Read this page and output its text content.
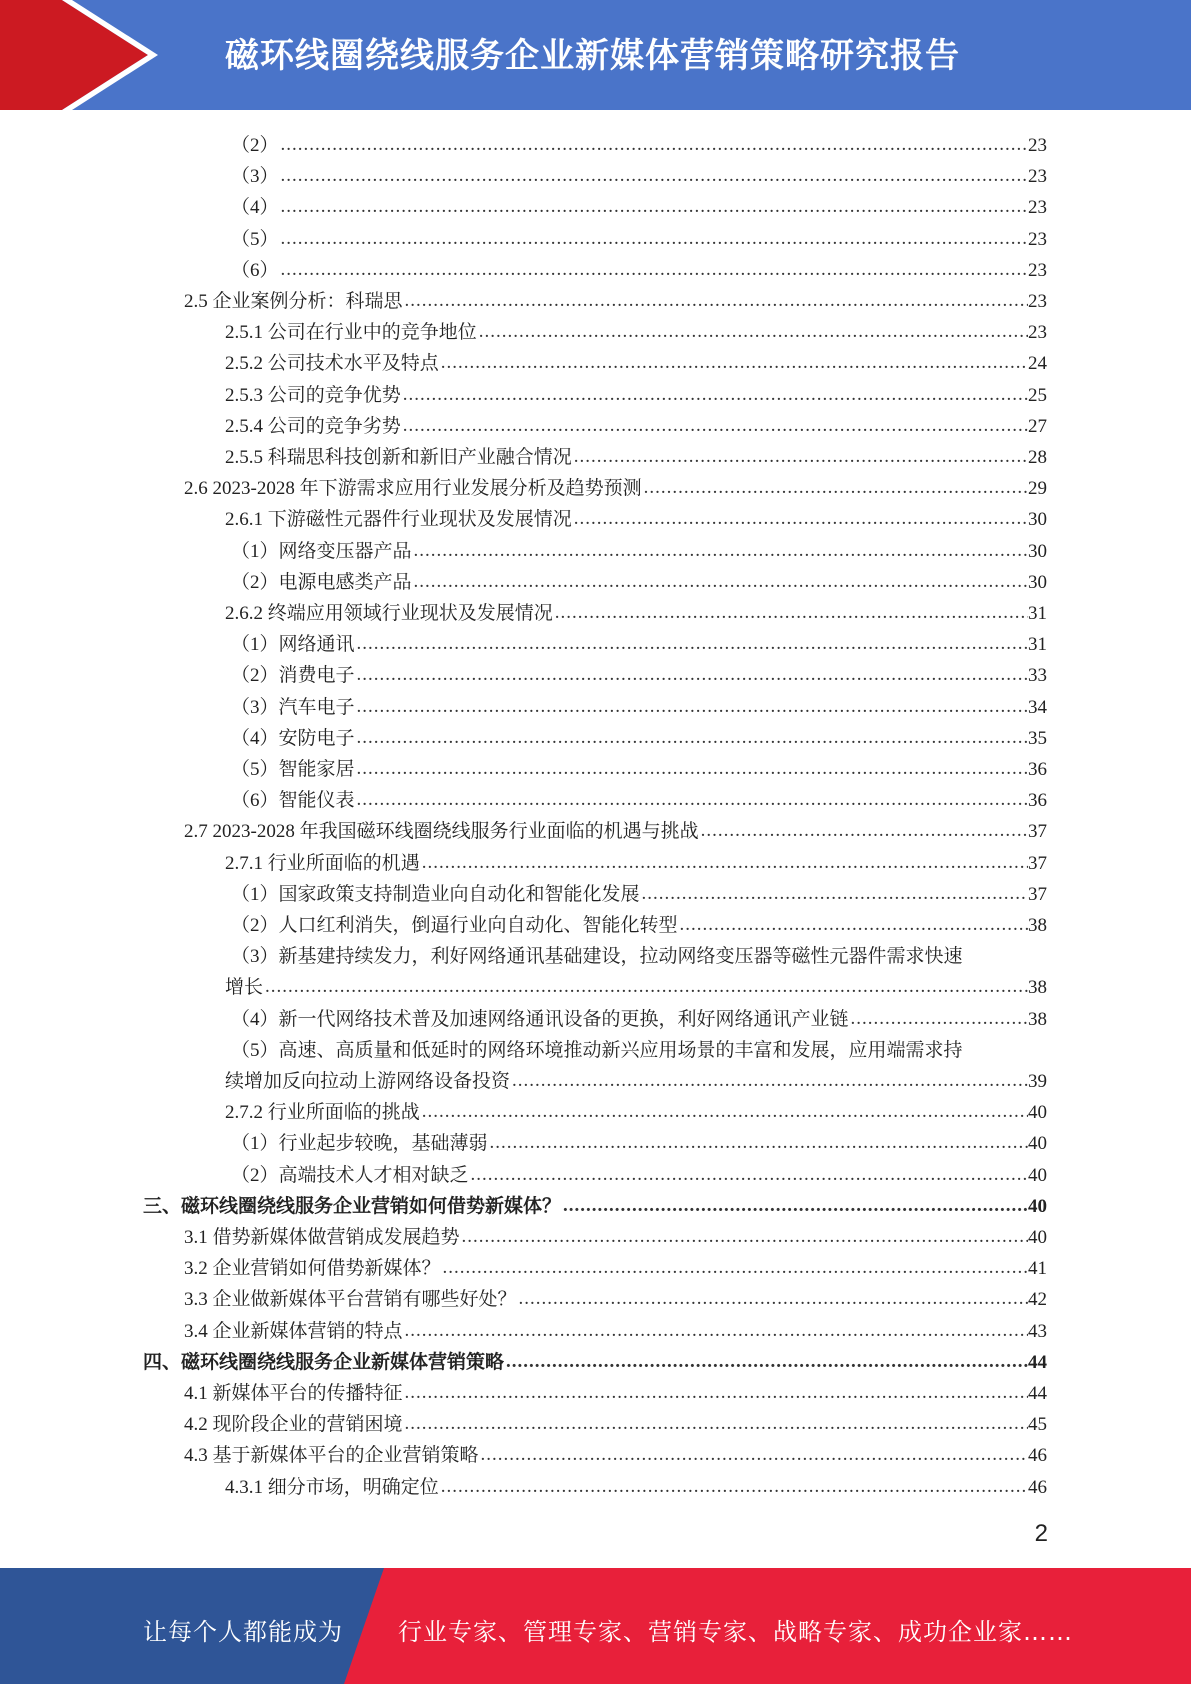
磁环线圈绕线服务企业新媒体营销策略研究报告
（2） .....	23
（3） .....	23
（4） .....	23
（5） .....	23
（6） .....	23
2.5 企业案例分析：科瑞思 .....	23
2.5.1 公司在行业中的竞争地位 .....	23
2.5.2 公司技术水平及特点 .....	24
2.5.3 公司的竞争优势 .....	25
2.5.4 公司的竞争劣势 .....	27
2.5.5 科瑞思科技创新和新旧产业融合情况 .....	28
2.6 2023-2028 年下游需求应用行业发展分析及趋势预测 .....	29
2.6.1 下游磁性元器件行业现状及发展情况 .....	30
（1）网络变压器产品 .....	30
（2）电源电感类产品 .....	30
2.6.2 终端应用领域行业现状及发展情况 .....	31
（1）网络通讯 .....	31
（2）消费电子 .....	33
（3）汽车电子 .....	34
（4）安防电子 .....	35
（5）智能家居 .....	36
（6）智能仪表 .....	36
2.7 2023-2028 年我国磁环线圈绕线服务行业面临的机遇与挑战 .....	37
2.7.1 行业所面临的机遇 .....	37
（1）国家政策支持制造业向自动化和智能化发展 .....	37
（2）人口红利消失，倒逼行业向自动化、智能化转型 .....	38
（3）新基建持续发力，利好网络通讯基础建设，拉动网络变压器等磁性元器件需求快速
增长 .....	38
（4）新一代网络技术普及加速网络通讯设备的更换，利好网络通讯产业链 .....	38
（5）高速、高质量和低延时的网络环境推动新兴应用场景的丰富和发展，应用端需求持
续增加反向拉动上游网络设备投资 .....	39
2.7.2 行业所面临的挑战 .....	40
（1）行业起步较晚，基础薄弱 .....	40
（2）高端技术人才相对缺乏 .....	40
三、磁环线圈绕线服务企业营销如何借势新媒体？ .....	40
3.1 借势新媒体做营销成发展趋势 .....	40
3.2 企业营销如何借势新媒体？ .....	41
3.3 企业做新媒体平台营销有哪些好处？ .....	42
3.4 企业新媒体营销的特点 .....	43
四、磁环线圈绕线服务企业新媒体营销策略 .....	44
4.1 新媒体平台的传播特征 .....	44
4.2 现阶段企业的营销困境 .....	45
4.3 基于新媒体平台的企业营销策略 .....	46
4.3.1 细分市场，明确定位 .....	46
2
让每个人都能成为 行业专家、管理专家、营销专家、战略专家、成功企业家……
